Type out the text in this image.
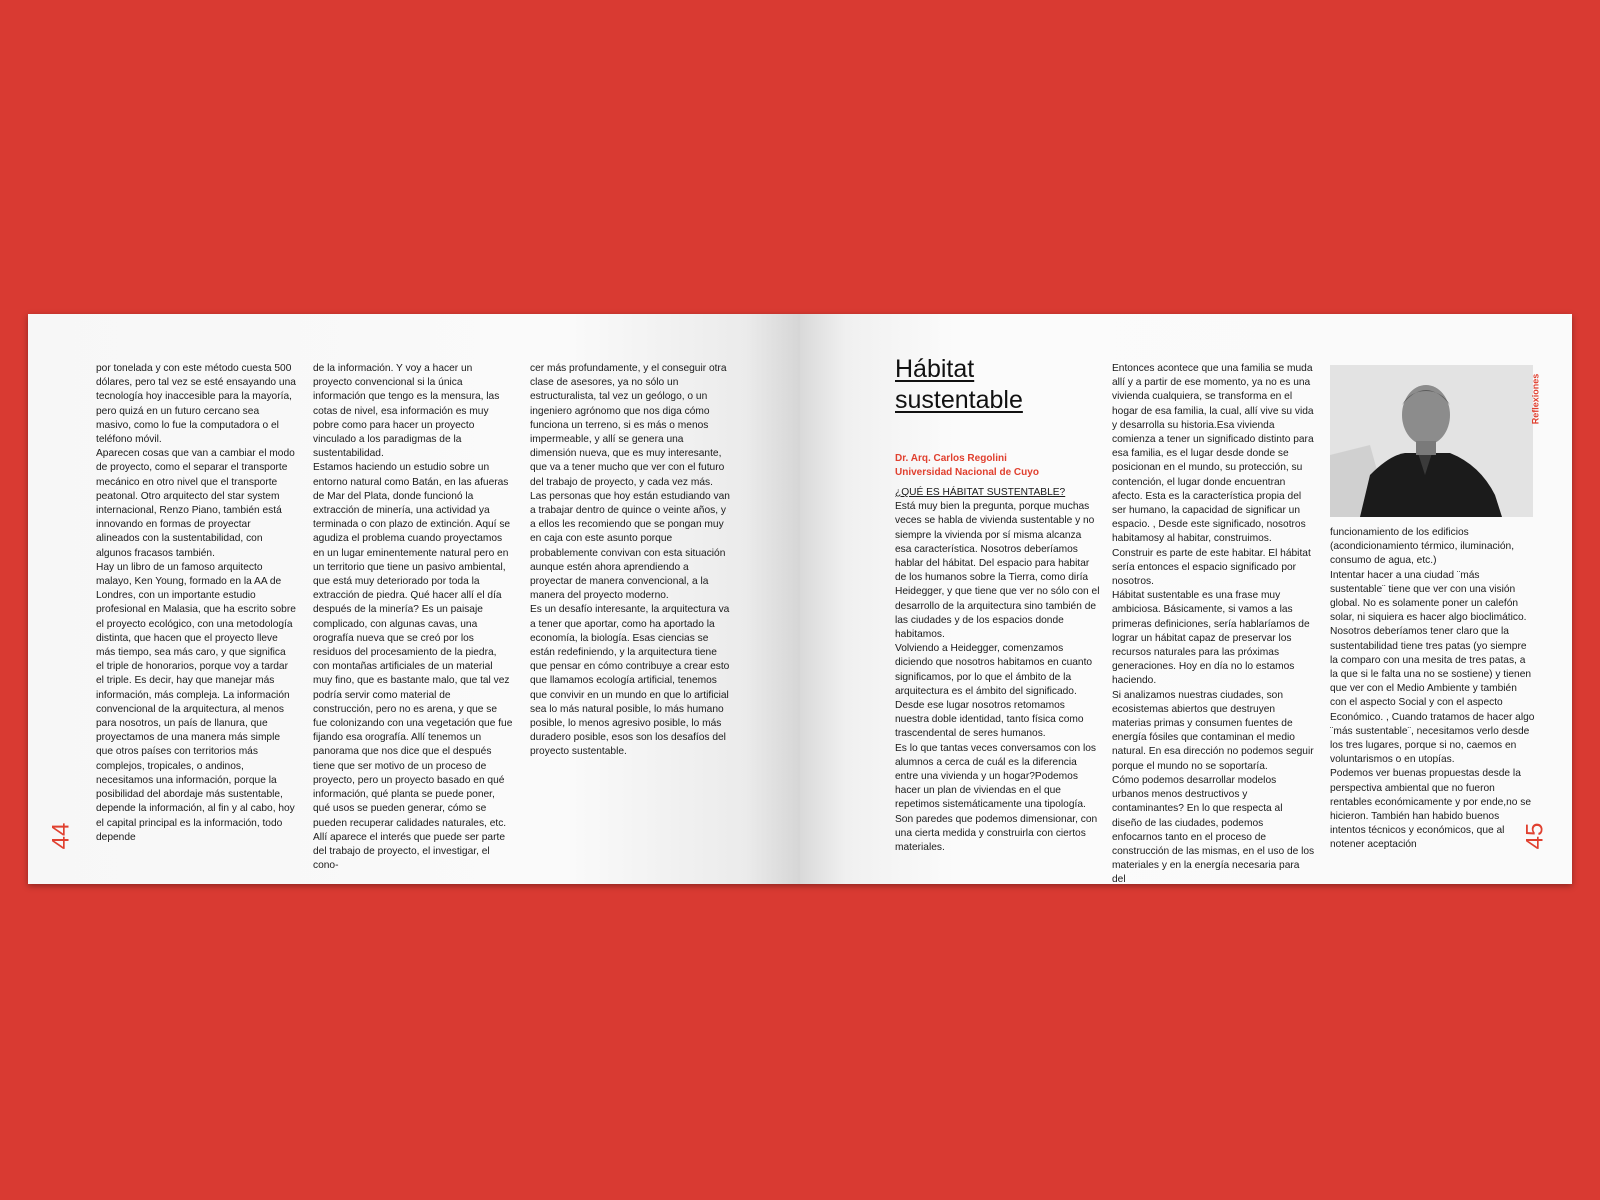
por tonelada y con este método cuesta 500 dólares, pero tal vez se esté ensayando una tecnología hoy inaccesible para la mayoría, pero quizá en un futuro cercano sea masivo, como lo fue la computadora o el teléfono móvil.

Aparecen cosas que van a cambiar el modo de proyecto, como el separar el transporte mecánico en otro nivel que el transporte peatonal. Otro arquitecto del star system internacional, Renzo Piano, también está innovando en formas de proyectar alineados con la sustentabilidad, con algunos fracasos también.

Hay un libro de un famoso arquitecto malayo, Ken Young, formado en la AA de Londres, con un importante estudio profesional en Malasia, que ha escrito sobre el proyecto ecológico, con una metodología distinta, que hacen que el proyecto lleve más tiempo, sea más caro, y que significa el triple de honorarios, porque voy a tardar el triple. Es decir, hay que manejar más información, más compleja. La información convencional de la arquitectura, al menos para nosotros, un país de llanura, que proyectamos de una manera más simple que otros países con territorios más complejos, tropicales, o andinos, necesitamos una información, porque la posibilidad del abordaje más sustentable, depende la información, al fin y al cabo, hoy el capital principal es la información, todo depende

de la información. Y voy a hacer un proyecto convencional si la única información que tengo es la mensura, las cotas de nivel, esa información es muy pobre como para hacer un proyecto vinculado a los paradigmas de la sustentabilidad.

Estamos haciendo un estudio sobre un entorno natural como Batán, en las afueras de Mar del Plata, donde funcionó la extracción de minería, una actividad ya terminada o con plazo de extinción. Aquí se agudiza el problema cuando proyectamos en un lugar eminentemente natural pero en un territorio que tiene un pasivo ambiental, que está muy deteriorado por toda la extracción de piedra. Qué hacer allí el día después de la minería? Es un paisaje complicado, con algunas cavas, una orografía nueva que se creó por los residuos del procesamiento de la piedra, con montañas artificiales de un material muy fino, que es bastante malo, que tal vez podría servir como material de construcción, pero no es arena, y que se fue colonizando con una vegetación que fue fijando esa orografía. Allí tenemos un panorama que nos dice que el después tiene que ser motivo de un proceso de proyecto, pero un proyecto basado en qué información, qué planta se puede poner, qué usos se pueden generar, cómo se pueden recuperar calidades naturales, etc. Allí aparece el interés que puede ser parte del trabajo de proyecto, el investigar, el cono-

cer más profundamente, y el conseguir otra clase de asesores, ya no sólo un estructuralista, tal vez un geólogo, o un ingeniero agrónomo que nos diga cómo funciona un terreno, si es más o menos impermeable, y allí se genera una dimensión nueva, que es muy interesante, que va a tener mucho que ver con el futuro del trabajo de proyecto, y cada vez más. Las personas que hoy están estudiando van a trabajar dentro de quince o veinte años, y a ellos les recomiendo que se pongan muy en caja con este asunto porque probablemente convivan con esta situación aunque estén ahora aprendiendo a proyectar de manera convencional, a la manera del proyecto moderno.

Es un desafío interesante, la arquitectura va a tener que aportar, como ha aportado la economía, la biología. Esas ciencias se están redefiniendo, y la arquitectura tiene que pensar en cómo contribuye a crear esto que llamamos ecología artificial, tenemos que convivir en un mundo en que lo artificial sea lo más natural posible, lo más humano posible, lo menos agresivo posible, lo más duradero posible, esos son los desafíos del proyecto sustentable.

44
Hábitat
sustentable
Dr. Arq. Carlos Regolini
Universidad Nacional de Cuyo

¿QUÉ ES HÁBITAT SUSTENTABLE?

Está muy bien la pregunta, porque muchas veces se habla de vivienda sustentable y no siempre la vivienda por sí misma alcanza esa característica. Nosotros deberíamos hablar del hábitat. Del espacio para habitar de los humanos sobre la Tierra, como diría Heidegger, y que tiene que ver no sólo con el desarrollo de la arquitectura sino también de las ciudades y de los espacios donde habitamos.

Volviendo a Heidegger, comenzamos diciendo que nosotros habitamos en cuanto significamos, por lo que el ámbito de la arquitectura es el ámbito del significado. Desde ese lugar nosotros retomamos nuestra doble identidad, tanto física como trascendental de seres humanos.

Es lo que tantas veces conversamos con los alumnos a cerca de cuál es la diferencia entre una vivienda y un hogar?Podemos hacer un plan de viviendas en el que repetimos sistemáticamente una tipología. Son paredes que podemos dimensionar, con una cierta medida y construirla con ciertos materiales.

Entonces acontece que una familia se muda allí y a partir de ese momento, ya no es una vivienda cualquiera, se transforma en el hogar de esa familia, la cual, allí vive su vida y desarrolla su historia.Esa vivienda comienza a tener un significado distinto para esa familia, es el lugar desde donde se posicionan en el mundo, su protección, su contención, el lugar donde encuentran afecto. Esta es la característica propia del ser humano, la capacidad de significar un espacio. , Desde este significado, nosotros habitamosy al habitar, construimos. Construir es parte de este habitar. El hábitat sería entonces el espacio significado por nosotros.

Hábitat sustentable es una frase muy ambiciosa. Básicamente, si vamos a las primeras definiciones, sería hablaríamos de lograr un hábitat capaz de preservar los recursos naturales para las próximas generaciones. Hoy en día no lo estamos haciendo.

Si analizamos nuestras ciudades, son ecosistemas abiertos que destruyen materias primas y consumen fuentes de energía fósiles que contaminan el medio natural. En esa dirección no podemos seguir porque el mundo no se soportaría.

Cómo podemos desarrollar modelos urbanos menos destructivos y contaminantes? En lo que respecta al diseño de las ciudades, podemos enfocarnos tanto en el proceso de construcción de las mismas, en el uso de los materiales y en la energía necesaria para del

funcionamiento de los edificios (acondicionamiento térmico, iluminación, consumo de agua, etc.)

Intentar hacer a una ciudad ¨más sustentable¨ tiene que ver con una visión global. No es solamente poner un calefón solar, ni siquiera es hacer algo bioclimático. Nosotros deberíamos tener claro que la sustentabilidad tiene tres patas (yo siempre la comparo con una mesita de tres patas, a la que si le falta una no se sostiene) y tienen que ver con el Medio Ambiente y también con el aspecto Social y con el aspecto Económico. , Cuando tratamos de hacer algo ¨más sustentable¨, necesitamos verlo desde los tres lugares, porque si no, caemos en voluntarismos o en utopías.

Podemos ver buenas propuestas desde la perspectiva ambiental que no fueron rentables económicamente y por ende,no se hicieron. También han habido buenos intentos técnicos y económicos, que al notener aceptación

Reflexiones
45
